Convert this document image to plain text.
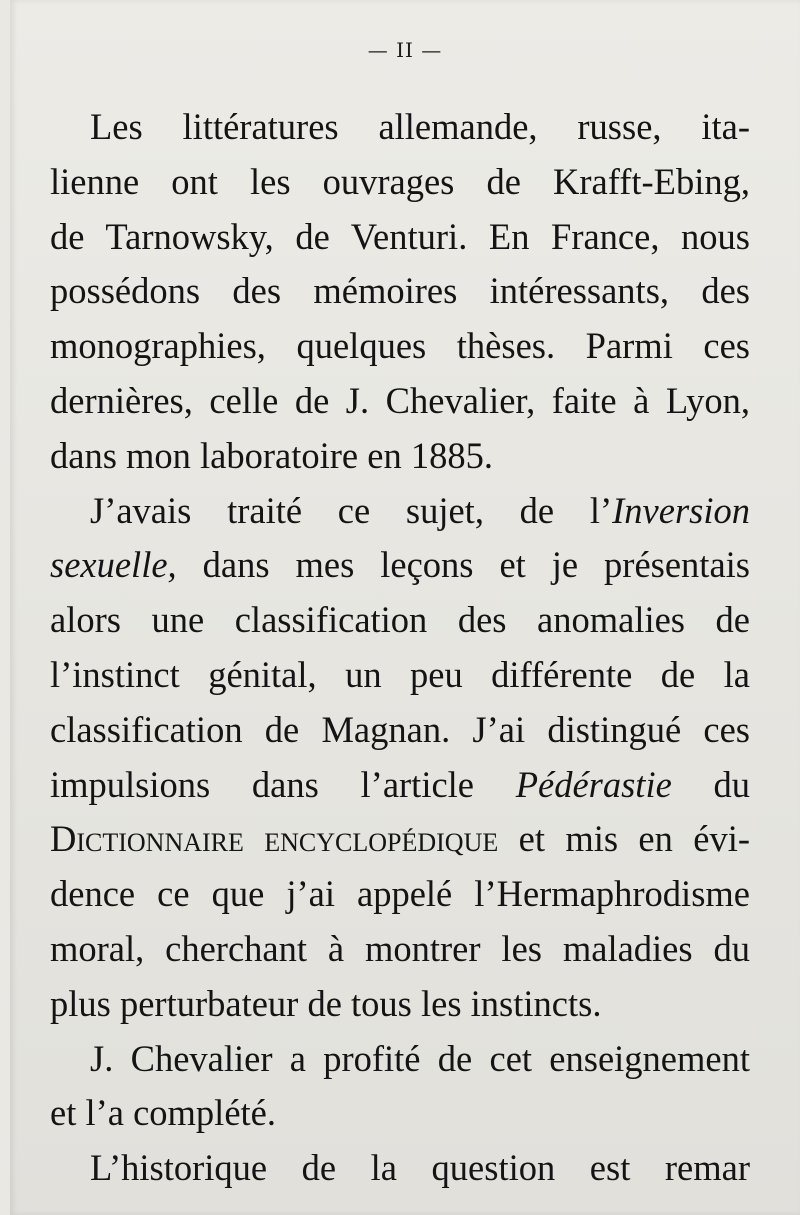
— II —
Les littératures allemande, russe, ita-
lienne ont les ouvrages de Krafft-Ebing,
de Tarnowsky, de Venturi. En France, nous
possédons des mémoires intéressants, des
monographies, quelques thèses. Parmi ces
dernières, celle de J. Chevalier, faite à Lyon,
dans mon laboratoire en 1885.
J’avais traité ce sujet, de l’Inversion
sexuelle, dans mes leçons et je présentais
alors une classification des anomalies de
l’instinct génital, un peu différente de la
classification de Magnan. J’ai distingué ces
impulsions dans l’article Pédérastie du
Dictionnaire encyclopédique et mis en évi-
dence ce que j’ai appelé l’Hermaphrodisme
moral, cherchant à montrer les maladies du
plus perturbateur de tous les instincts.
J. Chevalier a profité de cet enseignement
et l’a complété.
L’historique de la question est remar
